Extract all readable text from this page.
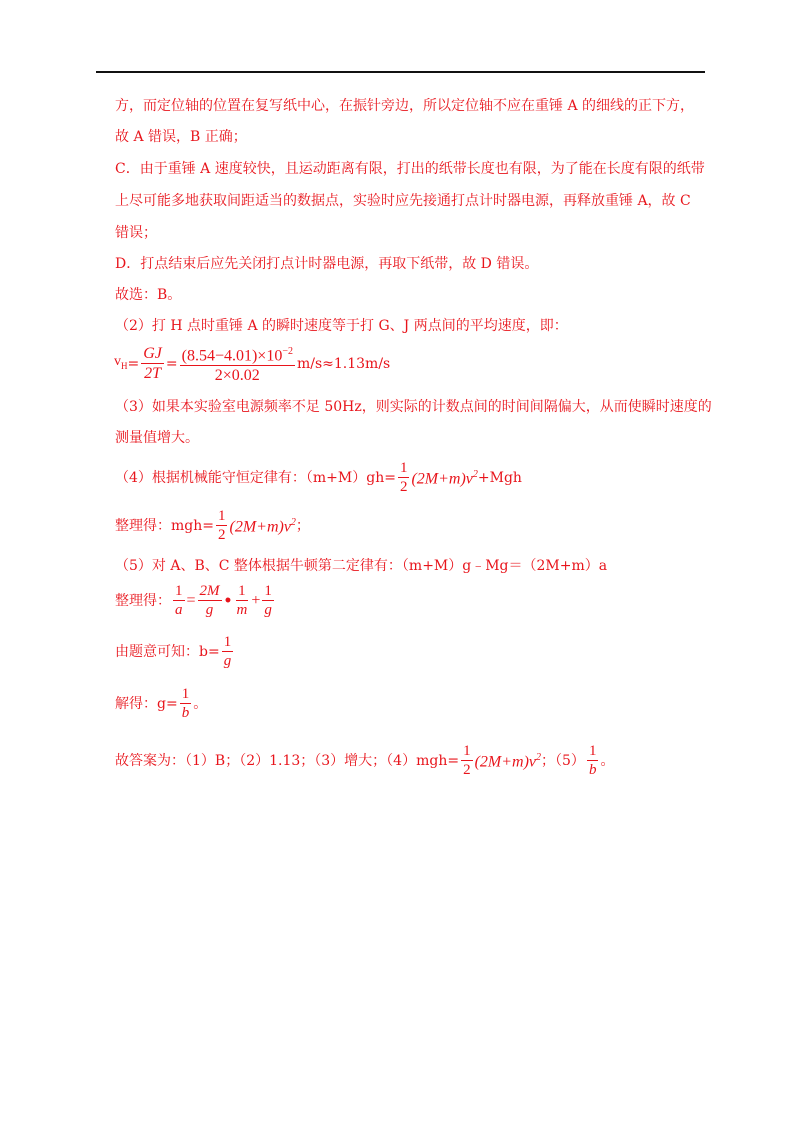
方，而定位轴的位置在复写纸中心，在振针旁边，所以定位轴不应在重锤 A 的细线的正下方，
故 A 错误，B 正确；
C．由于重锤 A 速度较快，且运动距离有限，打出的纸带长度也有限，为了能在长度有限的纸带
上尽可能多地获取间距适当的数据点，实验时应先接通打点计时器电源，再释放重锤 A，故 C
错误；
D．打点结束后应先关闭打点计时器电源，再取下纸带，故 D 错误。
故选：B。
（2）打 H 点时重锤 A 的瞬时速度等于打 G、J 两点间的平均速度，即：
$v_H = \frac{GJ}{2T} = \frac{(8.54-4.01)\times 10^{-2}}{2\times 0.02} m/s\approx 1.13m/s$
（3）如果本实验室电源频率不足 50Hz，则实际的计数点间的时间间隔偏大，从而使瞬时速度的
测量值增大。
（4）根据机械能守恒定律有：$(m+M)gh= \frac{1}{2} (2M+m)v^2 +Mgh$
整理得：$mgh= \frac{1}{2} (2M+m)v^2$ ；
（5）对 A、B、C 整体根据牛顿第二定律有：（m+M）g﹣Mg＝（2M+m）a
整理得： $\frac{1}{a} = \frac{2M}{g}$ • $\frac{1}{m} + \frac{1}{g}$
由题意可知：$b= \frac{1}{g}$
解得：$g= \frac{1}{b}$ 。
故答案为：（1）B；（2）1.13；（3）增大；$(4)mgh= \frac{1}{2} (2M+m)v^2$ ；$(5) \frac{1}{b}$ 。
